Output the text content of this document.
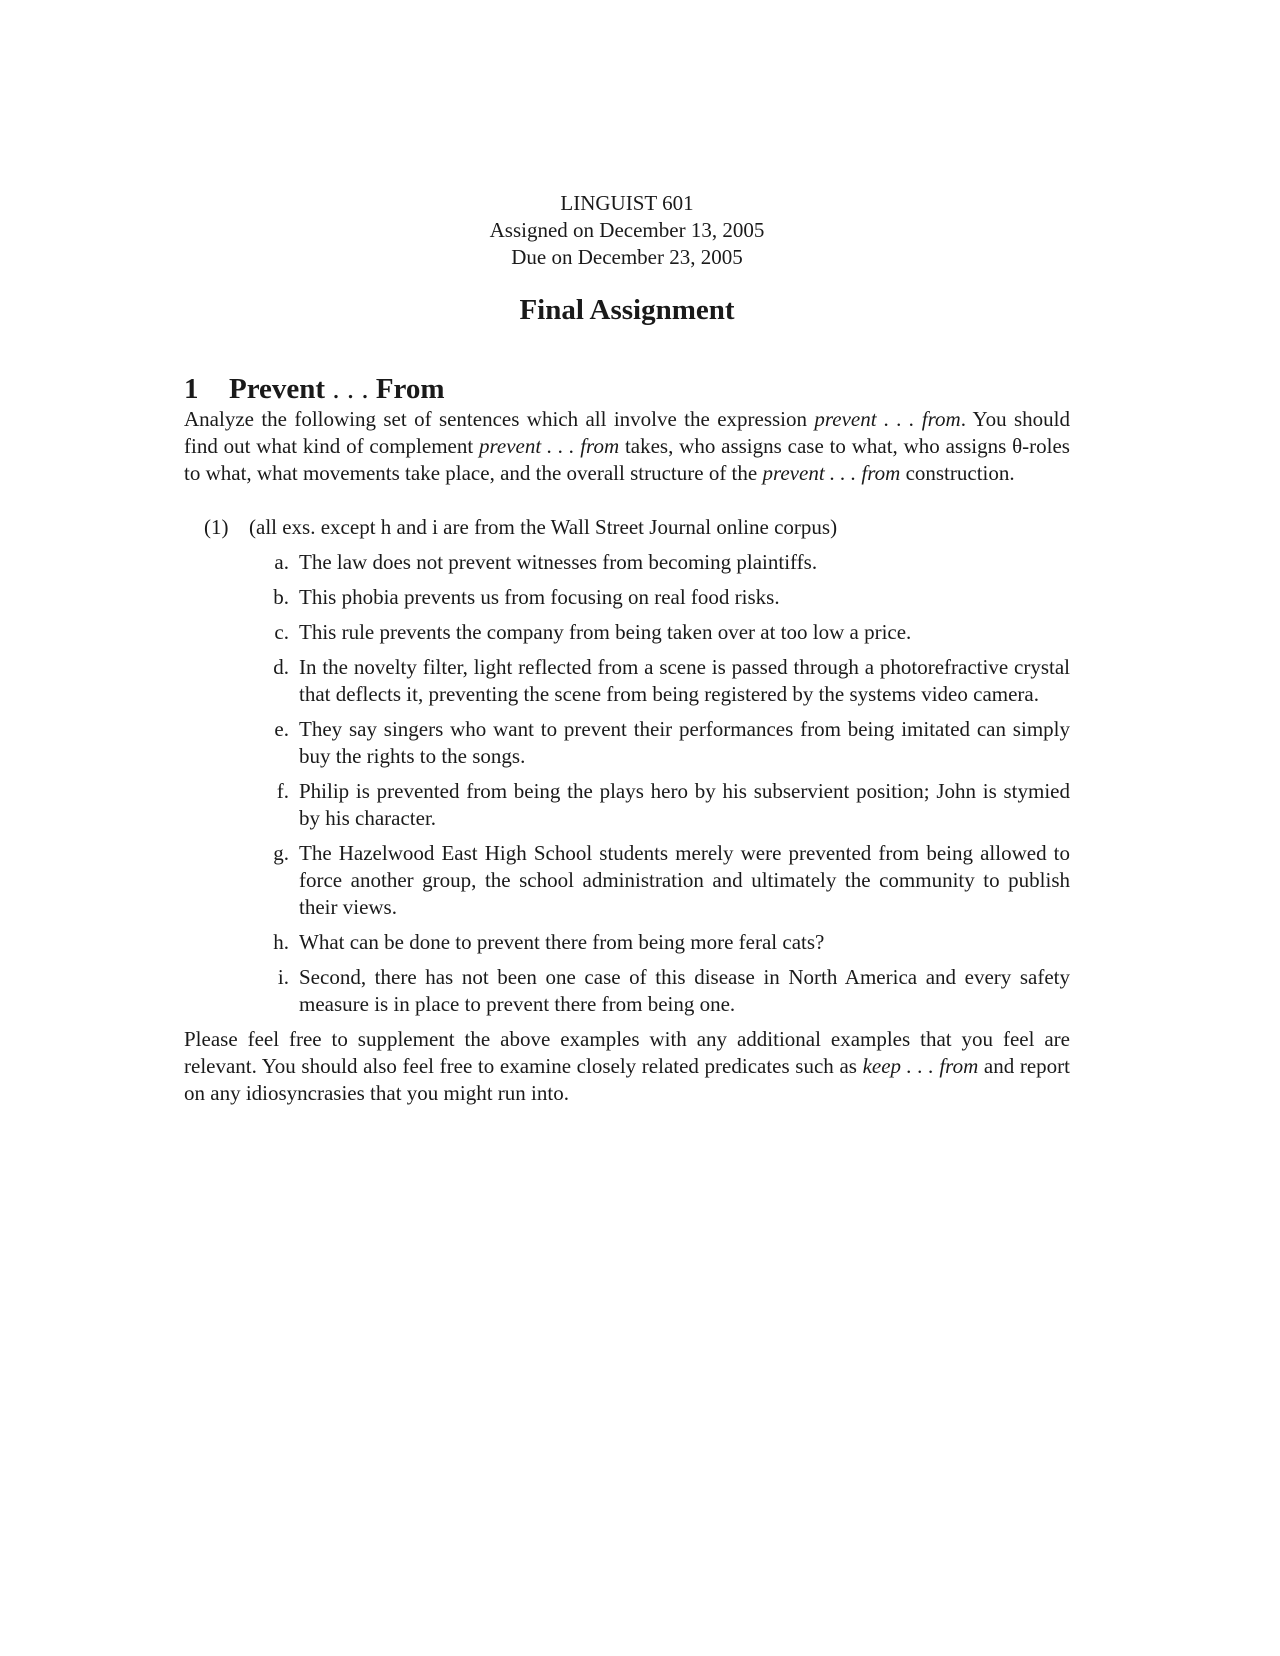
LINGUIST 601
Assigned on December 13, 2005
Due on December 23, 2005
Final Assignment
1	Prevent . . . From

Analyze the following set of sentences which all involve the expression prevent . . . from. You should find out what kind of complement prevent . . . from takes, who assigns case to what, who assigns θ-roles to what, what movements take place, and the overall structure of the prevent . . . from construction.

(1) (all exs. except h and i are from the Wall Street Journal online corpus)
a. The law does not prevent witnesses from becoming plaintiffs.
b. This phobia prevents us from focusing on real food risks.
c. This rule prevents the company from being taken over at too low a price.
d. In the novelty filter, light reflected from a scene is passed through a photorefractive crystal that deflects it, preventing the scene from being registered by the systems video camera.
e. They say singers who want to prevent their performances from being imitated can simply buy the rights to the songs.
f. Philip is prevented from being the plays hero by his subservient position; John is stymied by his character.
g. The Hazelwood East High School students merely were prevented from being allowed to force another group, the school administration and ultimately the community to publish their views.
h. What can be done to prevent there from being more feral cats?
i. Second, there has not been one case of this disease in North America and every safety measure is in place to prevent there from being one.

Please feel free to supplement the above examples with any additional examples that you feel are relevant. You should also feel free to examine closely related predicates such as keep . . . from and report on any idiosyncrasies that you might run into.
